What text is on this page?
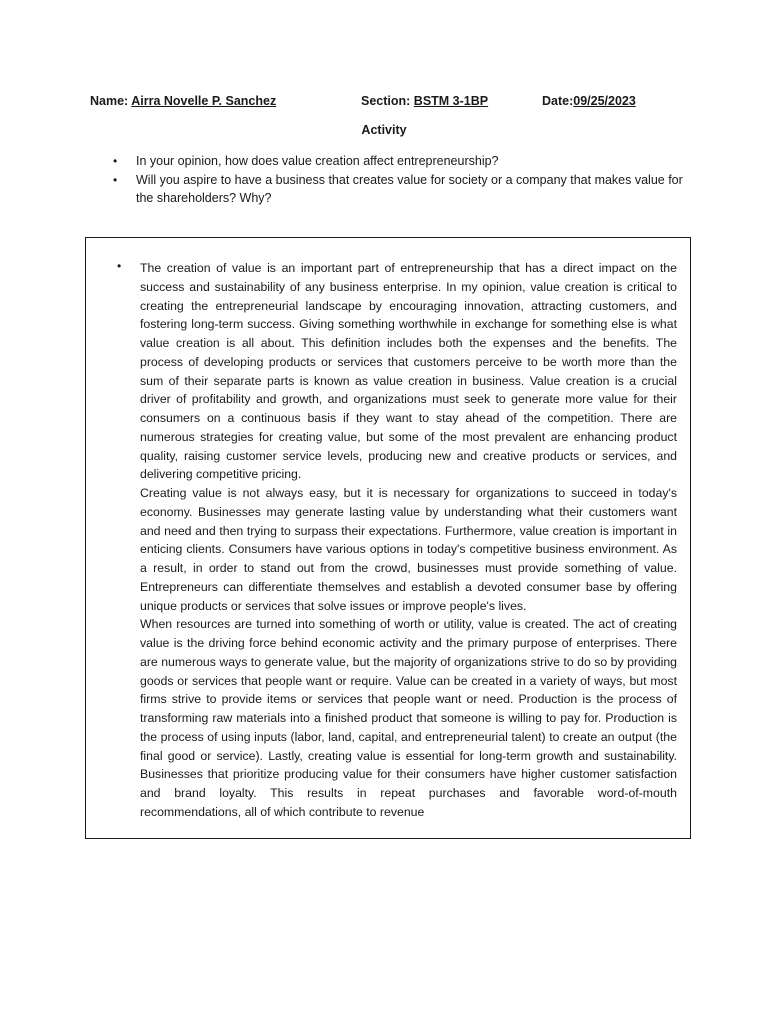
Name: Airra Novelle P. Sanchez	Section: BSTM 3-1BP	Date:09/25/2023
Activity
• In your opinion, how does value creation affect entrepreneurship?
• Will you aspire to have a business that creates value for society or a company that makes value for the shareholders? Why?
• The creation of value is an important part of entrepreneurship that has a direct impact on the success and sustainability of any business enterprise. In my opinion, value creation is critical to creating the entrepreneurial landscape by encouraging innovation, attracting customers, and fostering long-term success. Giving something worthwhile in exchange for something else is what value creation is all about. This definition includes both the expenses and the benefits. The process of developing products or services that customers perceive to be worth more than the sum of their separate parts is known as value creation in business. Value creation is a crucial driver of profitability and growth, and organizations must seek to generate more value for their consumers on a continuous basis if they want to stay ahead of the competition. There are numerous strategies for creating value, but some of the most prevalent are enhancing product quality, raising customer service levels, producing new and creative products or services, and delivering competitive pricing.

Creating value is not always easy, but it is necessary for organizations to succeed in today's economy. Businesses may generate lasting value by understanding what their customers want and need and then trying to surpass their expectations. Furthermore, value creation is important in enticing clients. Consumers have various options in today's competitive business environment. As a result, in order to stand out from the crowd, businesses must provide something of value. Entrepreneurs can differentiate themselves and establish a devoted consumer base by offering unique products or services that solve issues or improve people's lives.

When resources are turned into something of worth or utility, value is created. The act of creating value is the driving force behind economic activity and the primary purpose of enterprises. There are numerous ways to generate value, but the majority of organizations strive to do so by providing goods or services that people want or require. Value can be created in a variety of ways, but most firms strive to provide items or services that people want or need. Production is the process of transforming raw materials into a finished product that someone is willing to pay for. Production is the process of using inputs (labor, land, capital, and entrepreneurial talent) to create an output (the final good or service). Lastly, creating value is essential for long-term growth and sustainability. Businesses that prioritize producing value for their consumers have higher customer satisfaction and brand loyalty. This results in repeat purchases and favorable word-of-mouth recommendations, all of which contribute to revenue
